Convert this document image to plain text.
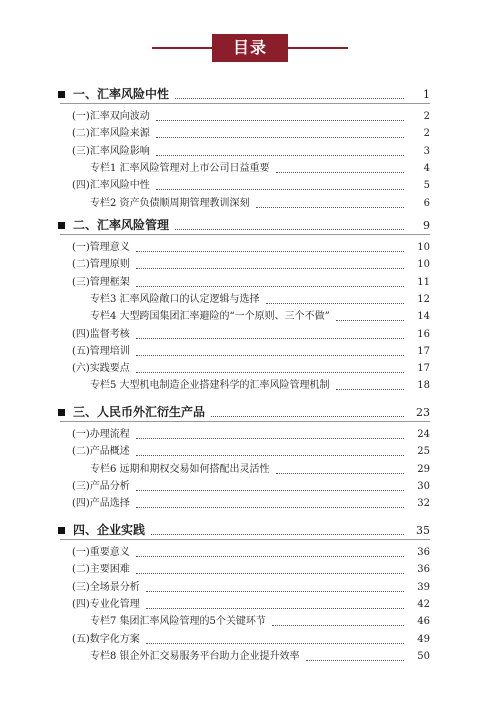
目录
一、汇率风险中性	1
(一)汇率双向波动	2
(二)汇率风险来源	2
(三)汇率风险影响	3
专栏1 汇率风险管理对上市公司日益重要	4
(四)汇率风险中性	5
专栏2 资产负债顺周期管理教训深刻	6
二、汇率风险管理	9
(一)管理意义	10
(二)管理原则	10
(三)管理框架	11
专栏3 汇率风险敞口的认定逻辑与选择	12
专栏4 大型跨国集团汇率避险的“一个原则、三个不做”	14
(四)监督考核	16
(五)管理培训	17
(六)实践要点	17
专栏5 大型机电制造企业搭建科学的汇率风险管理机制	18
三、人民币外汇衍生产品	23
(一)办理流程	24
(二)产品概述	25
专栏6 远期和期权交易如何搭配出灵活性	29
(三)产品分析	30
(四)产品选择	32
四、企业实践	35
(一)重要意义	36
(二)主要困难	36
(三)全场景分析	39
(四)专业化管理	42
专栏7 集团汇率风险管理的5个关键环节	46
(五)数字化方案	49
专栏8 银企外汇交易服务平台助力企业提升效率	50
